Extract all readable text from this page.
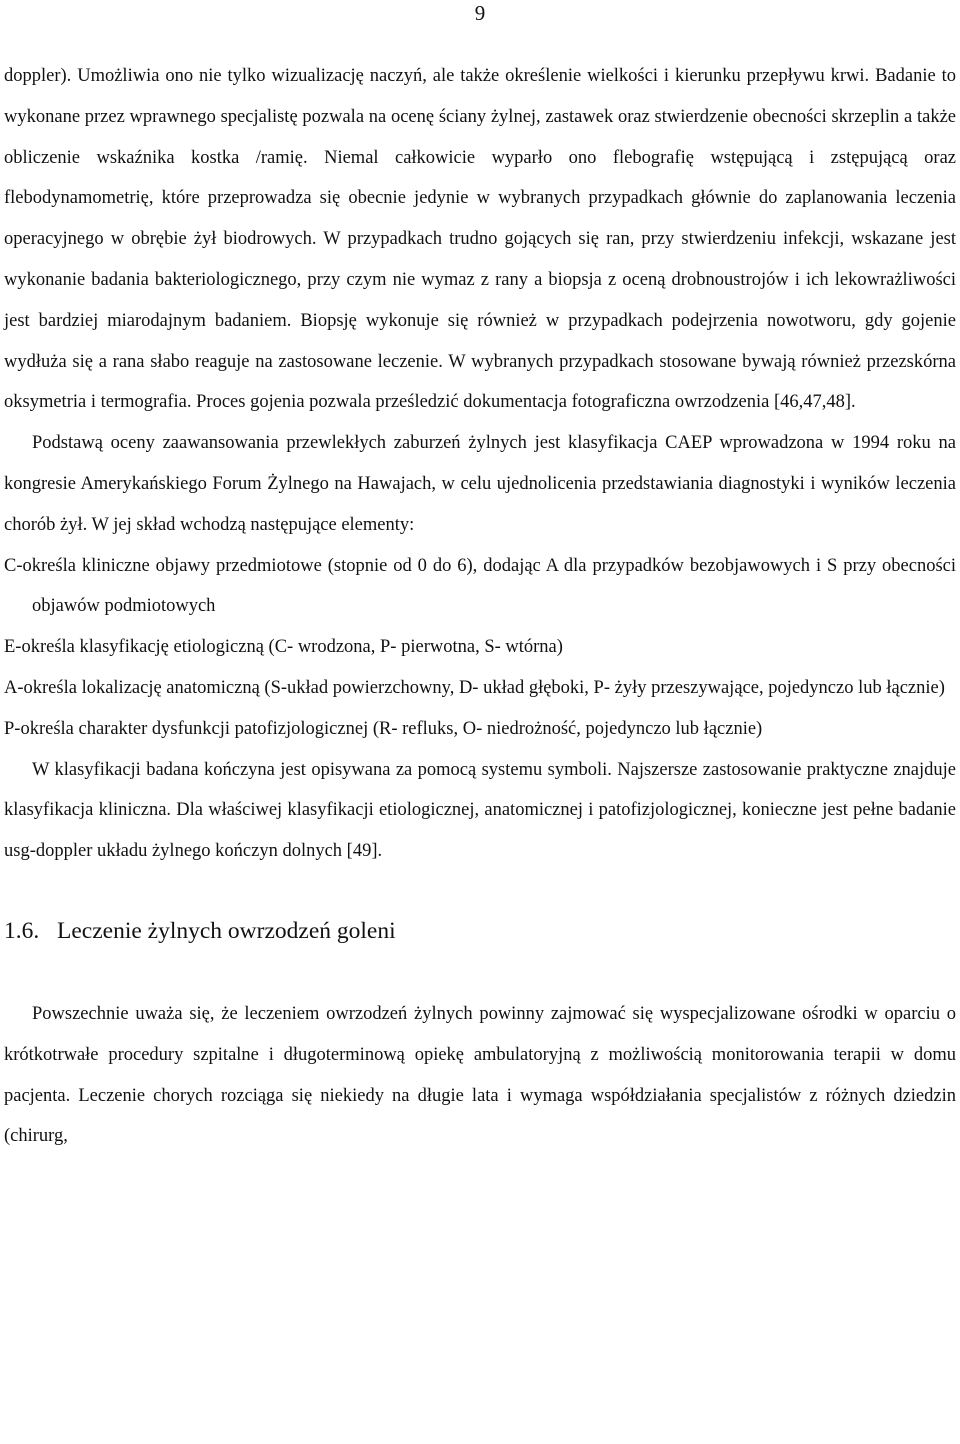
9

doppler). Umożliwia ono nie tylko wizualizację naczyń, ale także określenie wielkości i kierunku przepływu krwi. Badanie to wykonane przez wprawnego specjalistę pozwala na ocenę ściany żylnej, zastawek oraz stwierdzenie obecności skrzeplin a także obliczenie wskaźnika kostka /ramię. Niemal całkowicie wyparło ono flebografię wstępującą i zstępującą oraz flebodynamometrię, które przeprowadza się obecnie jedynie w wybranych przypadkach głównie do zaplanowania leczenia operacyjnego w obrębie żył biodrowych. W przypadkach trudno gojących się ran, przy stwierdzeniu infekcji, wskazane jest wykonanie badania bakteriologicznego, przy czym nie wymaz z rany a biopsja z oceną drobnoustrojów i ich lekowrażliwości jest bardziej miarodajnym badaniem. Biopsję wykonuje się również w przypadkach podejrzenia nowotworu, gdy gojenie wydłuża się a rana słabo reaguje na zastosowane leczenie. W wybranych przypadkach stosowane bywają również przezskórna oksymetria i termografia. Proces gojenia pozwala prześledzić dokumentacja fotograficzna owrzodzenia [46,47,48].

Podstawą oceny zaawansowania przewlekłych zaburzeń żylnych jest klasyfikacja CAEP wprowadzona w 1994 roku na kongresie Amerykańskiego Forum Żylnego na Hawajach, w celu ujednolicenia przedstawiania diagnostyki i wyników leczenia chorób żył. W jej skład wchodzą następujące elementy:

C-określa kliniczne objawy przedmiotowe (stopnie od 0 do 6), dodając A dla przypadków bezobjawowych i S przy obecności objawów podmiotowych

E-określa klasyfikację etiologiczną (C- wrodzona, P- pierwotna, S- wtórna)

A-określa lokalizację anatomiczną (S-układ powierzchowny, D- układ głęboki, P- żyły przeszywające, pojedynczo lub łącznie)

P-określa charakter dysfunkcji patofizjologicznej (R- refluks, O- niedrożność, pojedynczo lub łącznie)

W klasyfikacji badana kończyna jest opisywana za pomocą systemu symboli. Najszersze zastosowanie praktyczne znajduje klasyfikacja kliniczna. Dla właściwej klasyfikacji etiologicznej, anatomicznej i patofizjologicznej, konieczne jest pełne badanie usg-doppler układu żylnego kończyn dolnych [49].

1.6. Leczenie żylnych owrzodzeń goleni

Powszechnie uważa się, że leczeniem owrzodzeń żylnych powinny zajmować się wyspecjalizowane ośrodki w oparciu o krótkotrwałe procedury szpitalne i długoterminową opiekę ambulatoryjną z możliwością monitorowania terapii w domu pacjenta. Leczenie chorych rozciąga się niekiedy na długie lata i wymaga współdziałania specjalistów z różnych dziedzin (chirurg,
